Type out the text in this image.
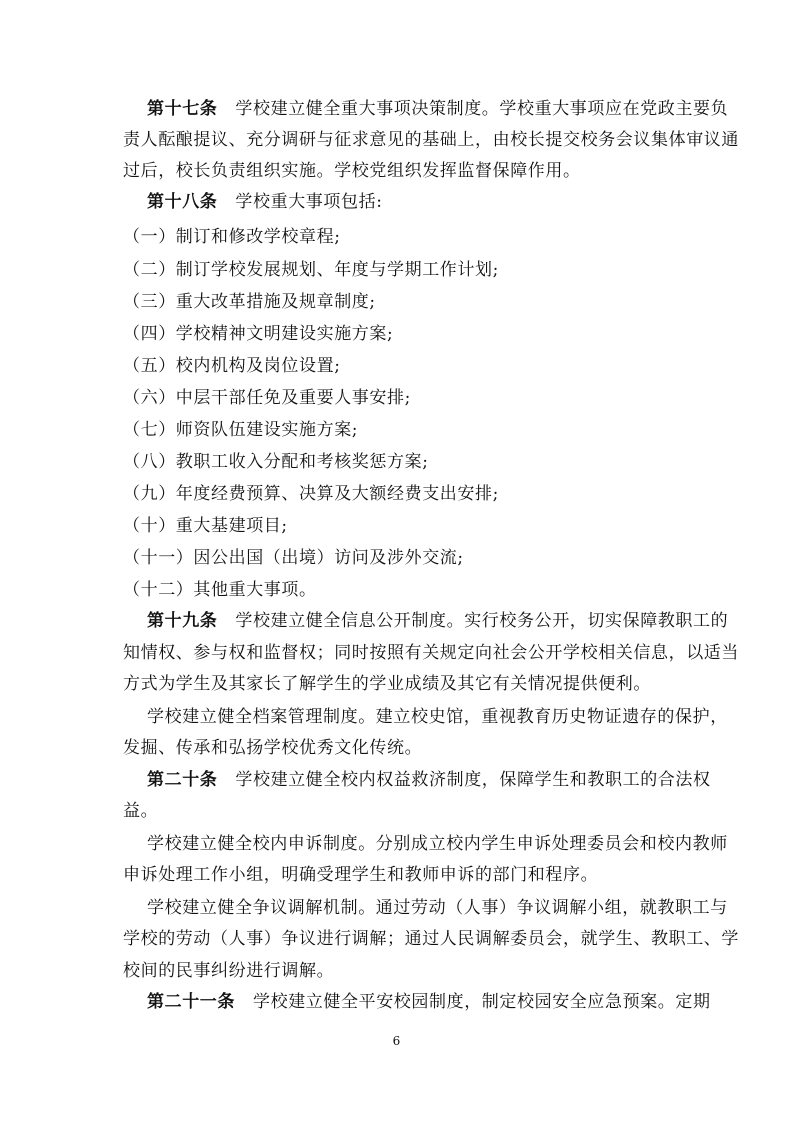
第十七条 学校建立健全重大事项决策制度。学校重大事项应在党政主要负
责人酝酿提议、充分调研与征求意见的基础上，由校长提交校务会议集体审议通
过后，校长负责组织实施。学校党组织发挥监督保障作用。
第十八条 学校重大事项包括:
（一）制订和修改学校章程;
（二）制订学校发展规划、年度与学期工作计划;
（三）重大改革措施及规章制度;
（四）学校精神文明建设实施方案;
（五）校内机构及岗位设置;
（六）中层干部任免及重要人事安排;
（七）师资队伍建设实施方案;
（八）教职工收入分配和考核奖惩方案;
（九）年度经费预算、决算及大额经费支出安排;
（十）重大基建项目;
（十一）因公出国（出境）访问及涉外交流;
（十二）其他重大事项。
第十九条 学校建立健全信息公开制度。实行校务公开，切实保障教职工的
知情权、参与权和监督权；同时按照有关规定向社会公开学校相关信息，以适当
方式为学生及其家长了解学生的学业成绩及其它有关情况提供便利。
学校建立健全档案管理制度。建立校史馆，重视教育历史物证遗存的保护，
发掘、传承和弘扬学校优秀文化传统。
第二十条 学校建立健全校内权益救济制度，保障学生和教职工的合法权
益。
学校建立健全校内申诉制度。分别成立校内学生申诉处理委员会和校内教师
申诉处理工作小组，明确受理学生和教师申诉的部门和程序。
学校建立健全争议调解机制。通过劳动（人事）争议调解小组，就教职工与
学校的劳动（人事）争议进行调解；通过人民调解委员会，就学生、教职工、学
校间的民事纠纷进行调解。
第二十一条 学校建立健全平安校园制度，制定校园安全应急预案。定期
6
